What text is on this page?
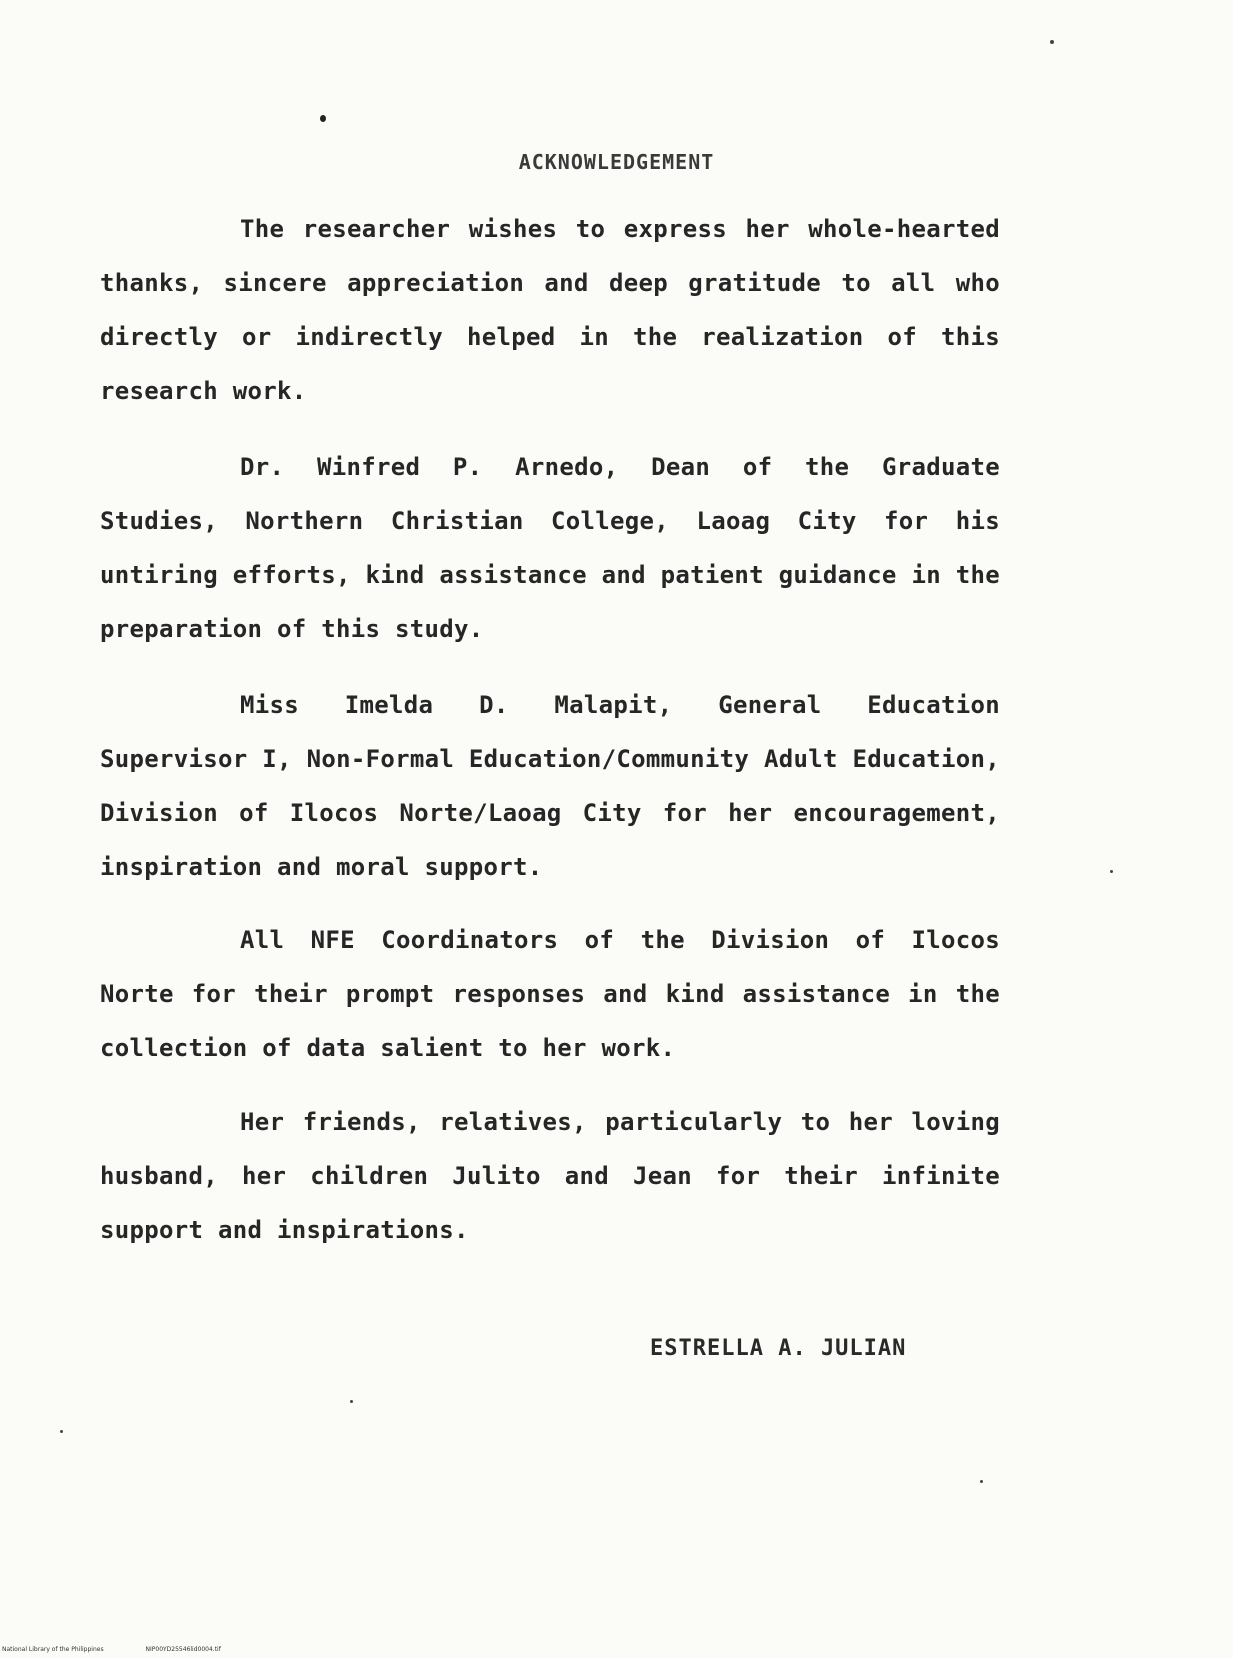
ACKNOWLEDGEMENT

The researcher wishes to express her whole-hearted thanks, sincere appreciation and deep gratitude to all who directly or indirectly helped in the realization of this research work.

Dr. Winfred P. Arnedo, Dean of the Graduate Studies, Northern Christian College, Laoag City for his untiring efforts, kind assistance and patient guidance in the preparation of this study.

Miss Imelda D. Malapit, General Education Supervisor I, Non-Formal Education/Community Adult Education, Division of Ilocos Norte/Laoag City for her encouragement, inspiration and moral support.

All NFE Coordinators of the Division of Ilocos Norte for their prompt responses and kind assistance in the collection of data salient to her work.

Her friends, relatives, particularly to her loving husband, her children Julito and Jean for their infinite support and inspirations.

ESTRELLA A. JULIAN
National Library of the Philippines	NIP00YD25546lid0004.tif
